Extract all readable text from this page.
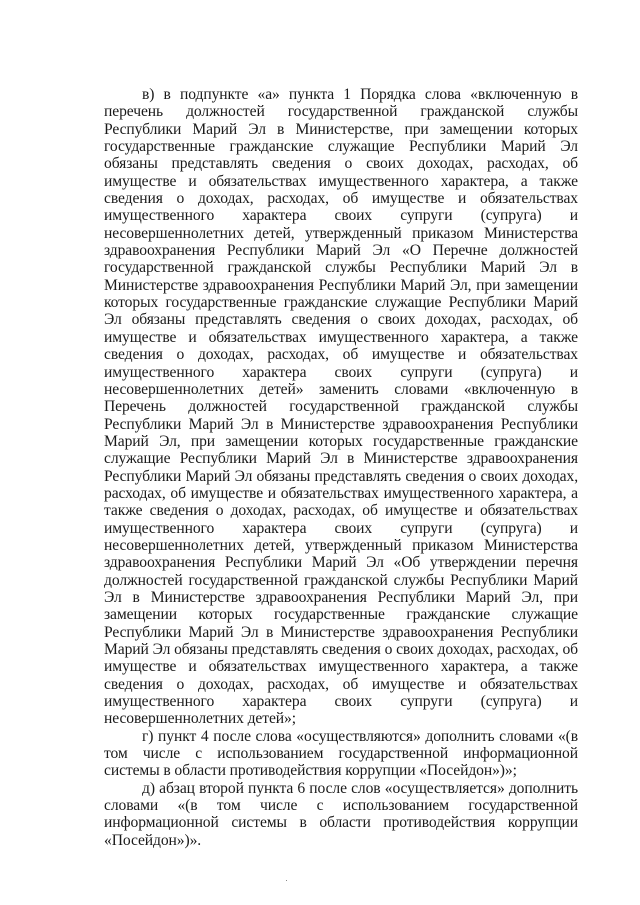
в) в подпункте «а» пункта 1 Порядка слова «включенную в перечень должностей государственной гражданской службы Республики Марий Эл в Министерстве, при замещении которых государственные гражданские служащие Республики Марий Эл обязаны представлять сведения о своих доходах, расходах, об имуществе и обязательствах имущественного характера, а также сведения о доходах, расходах, об имуществе и обязательствах имущественного характера своих супруги (супруга) и несовершеннолетних детей, утвержденный приказом Министерства здравоохранения Республики Марий Эл «О Перечне должностей государственной гражданской службы Республики Марий Эл в Министерстве здравоохранения Республики Марий Эл, при замещении которых государственные гражданские служащие Республики Марий Эл обязаны представлять сведения о своих доходах, расходах, об имуществе и обязательствах имущественного характера, а также сведения о доходах, расходах, об имуществе и обязательствах имущественного характера своих супруги (супруга) и несовершеннолетних детей» заменить словами «включенную в Перечень должностей государственной гражданской службы Республики Марий Эл в Министерстве здравоохранения Республики Марий Эл, при замещении которых государственные гражданские служащие Республики Марий Эл в Министерстве здравоохранения Республики Марий Эл обязаны представлять сведения о своих доходах, расходах, об имуществе и обязательствах имущественного характера, а также сведения о доходах, расходах, об имуществе и обязательствах имущественного характера своих супруги (супруга) и несовершеннолетних детей, утвержденный приказом Министерства здравоохранения Республики Марий Эл «Об утверждении перечня должностей государственной гражданской службы Республики Марий Эл в Министерстве здравоохранения Республики Марий Эл, при замещении которых государственные гражданские служащие Республики Марий Эл в Министерстве здравоохранения Республики Марий Эл обязаны представлять сведения о своих доходах, расходах, об имуществе и обязательствах имущественного характера, а также сведения о доходах, расходах, об имуществе и обязательствах имущественного характера своих супруги (супруга) и несовершеннолетних детей»;

г) пункт 4 после слова «осуществляются» дополнить словами «(в том числе с использованием государственной информационной системы в области противодействия коррупции «Посейдон»)»;

д) абзац второй пункта 6 после слов «осуществляется» дополнить словами «(в том числе с использованием государственной информационной системы в области противодействия коррупции «Посейдон»)».
